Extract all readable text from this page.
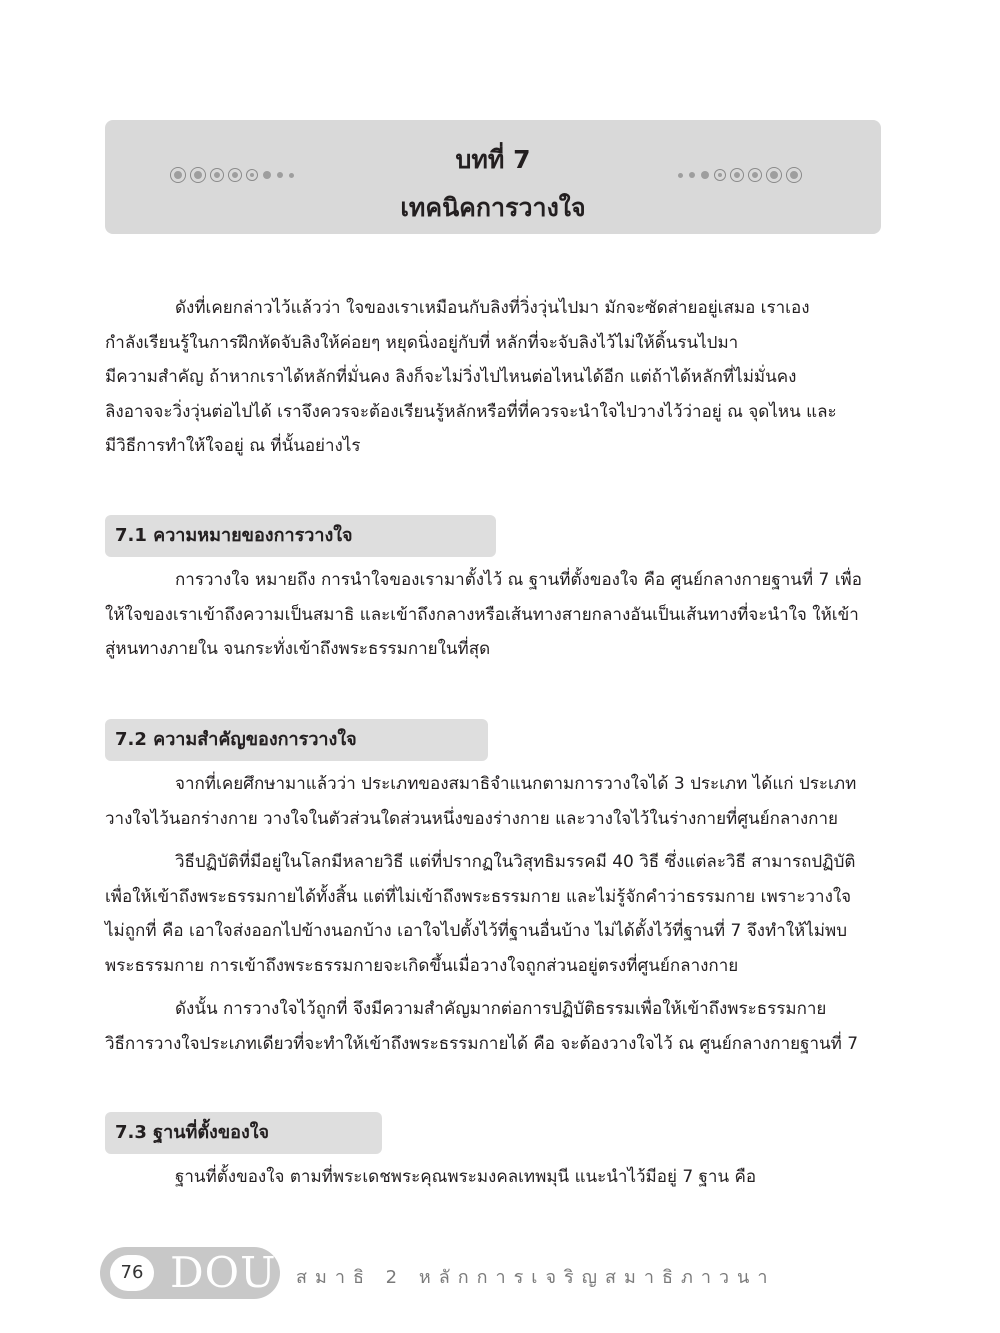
บทที่ 7
เทคนิคการวางใจ
ดังที่เคยกล่าวไว้แล้วว่า ใจของเราเหมือนกับลิงที่วิ่งวุ่นไปมา มักจะซัดส่ายอยู่เสมอ เราเอง
กำลังเรียนรู้ในการฝึกหัดจับลิงให้ค่อยๆ หยุดนิ่งอยู่กับที่ หลักที่จะจับลิงไว้ไม่ให้ดิ้นรนไปมา
มีความสำคัญ ถ้าหากเราได้หลักที่มั่นคง ลิงก็จะไม่วิ่งไปไหนต่อไหนได้อีก แต่ถ้าได้หลักที่ไม่มั่นคง
ลิงอาจจะวิ่งวุ่นต่อไปได้ เราจึงควรจะต้องเรียนรู้หลักหรือที่ที่ควรจะนำใจไปวางไว้ว่าอยู่ ณ จุดไหน และ
มีวิธีการทำให้ใจอยู่ ณ ที่นั้นอย่างไร
7.1 ความหมายของการวางใจ
การวางใจ หมายถึง การนำใจของเรามาตั้งไว้ ณ ฐานที่ตั้งของใจ คือ ศูนย์กลางกายฐานที่ 7 เพื่อ
ให้ใจของเราเข้าถึงความเป็นสมาธิ และเข้าถึงกลางหรือเส้นทางสายกลางอันเป็นเส้นทางที่จะนำใจ ให้เข้า
สู่หนทางภายใน จนกระทั่งเข้าถึงพระธรรมกายในที่สุด
7.2 ความสำคัญของการวางใจ
จากที่เคยศึกษามาแล้วว่า ประเภทของสมาธิจำแนกตามการวางใจได้ 3 ประเภท ได้แก่ ประเภท
วางใจไว้นอกร่างกาย วางใจในตัวส่วนใดส่วนหนึ่งของร่างกาย และวางใจไว้ในร่างกายที่ศูนย์กลางกาย
วิธีปฏิบัติที่มีอยู่ในโลกมีหลายวิธี แต่ที่ปรากฏในวิสุทธิมรรคมี 40 วิธี ซึ่งแต่ละวิธี สามารถปฏิบัติ
เพื่อให้เข้าถึงพระธรรมกายได้ทั้งสิ้น แต่ที่ไม่เข้าถึงพระธรรมกาย และไม่รู้จักคำว่าธรรมกาย เพราะวางใจ
ไม่ถูกที่ คือ เอาใจส่งออกไปข้างนอกบ้าง เอาใจไปตั้งไว้ที่ฐานอื่นบ้าง ไม่ได้ตั้งไว้ที่ฐานที่ 7 จึงทำให้ไม่พบ
พระธรรมกาย การเข้าถึงพระธรรมกายจะเกิดขึ้นเมื่อวางใจถูกส่วนอยู่ตรงที่ศูนย์กลางกาย
ดังนั้น การวางใจไว้ถูกที่ จึงมีความสำคัญมากต่อการปฏิบัติธรรมเพื่อให้เข้าถึงพระธรรมกาย
วิธีการวางใจประเภทเดียวที่จะทำให้เข้าถึงพระธรรมกายได้ คือ จะต้องวางใจไว้ ณ ศูนย์กลางกายฐานที่ 7
7.3 ฐานที่ตั้งของใจ
ฐานที่ตั้งของใจ ตามที่พระเดชพระคุณพระมงคลเทพมุนี แนะนำไว้มีอยู่ 7 ฐาน คือ
76 DOU สมาธิ 2 หลักการเจริญสมาธิภาวนา
